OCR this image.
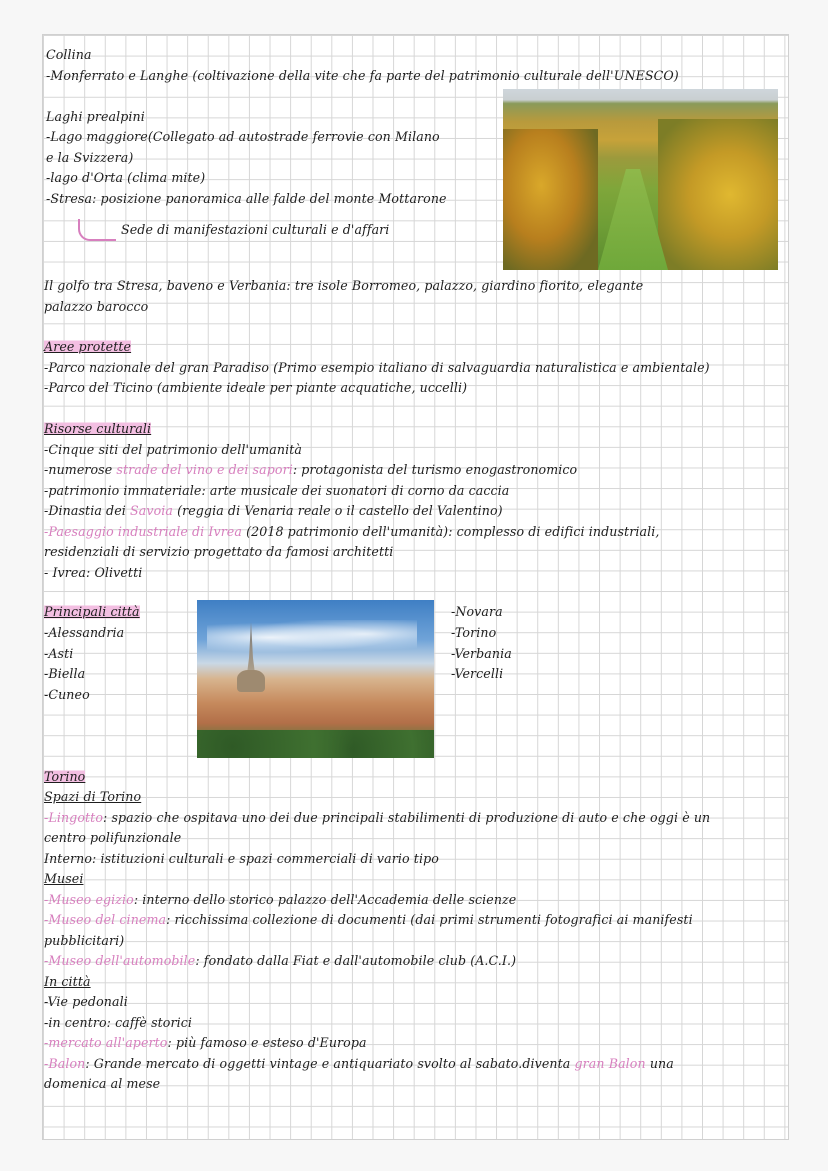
Collina
-Monferrato e Langhe (coltivazione della vite che fa parte del patrimonio culturale dell'UNESCO)
Laghi prealpini
-Lago maggiore(Collegato ad autostrade ferrovie con Milano
e la Svizzera)
-lago d'Orta (clima mite)
-Stresa: posizione panoramica alle falde del monte Mottarone
Sede di manifestazioni culturali e d'affari
Il golfo tra Stresa, baveno e Verbania: tre isole Borromeo, palazzo, giardino fiorito, elegante
palazzo barocco
Aree protette
-Parco nazionale del gran Paradiso (Primo esempio italiano di salvaguardia naturalistica e ambientale)
-Parco del Ticino (ambiente ideale per piante acquatiche, uccelli)
Risorse culturali
-Cinque siti del patrimonio dell'umanità
-numerose strade del vino e dei sapori: protagonista del turismo enogastronomico
-patrimonio immateriale: arte musicale dei suonatori di corno da caccia
-Dinastia dei Savoia (reggia di Venaria reale o il castello del Valentino)
-Paesaggio industriale di Ivrea (2018 patrimonio dell'umanità): complesso di edifici industriali,
residenziali di servizio progettato da famosi architetti
- Ivrea: Olivetti
Principali città
-Alessandria
-Asti
-Biella
-Cuneo
-Novara
-Torino
-Verbania
-Vercelli
Torino
Spazi di Torino
-Lingotto: spazio che ospitava uno dei due principali stabilimenti di produzione di auto e che oggi è un
centro polifunzionale
Interno: istituzioni culturali e spazi commerciali di vario tipo
Musei
-Museo egizio: interno dello storico palazzo dell'Accademia delle scienze
-Museo del cinema: ricchissima collezione di documenti (dai primi strumenti fotografici ai manifesti
pubblicitari)
-Museo dell'automobile: fondato dalla Fiat e dall'automobile club (A.C.I.)
In città
-Vie pedonali
-in centro: caffè storici
-mercato all'aperto: più famoso e esteso d'Europa
-Balon: Grande mercato di oggetti vintage e antiquariato svolto al sabato.diventa gran Balon una
domenica al mese
